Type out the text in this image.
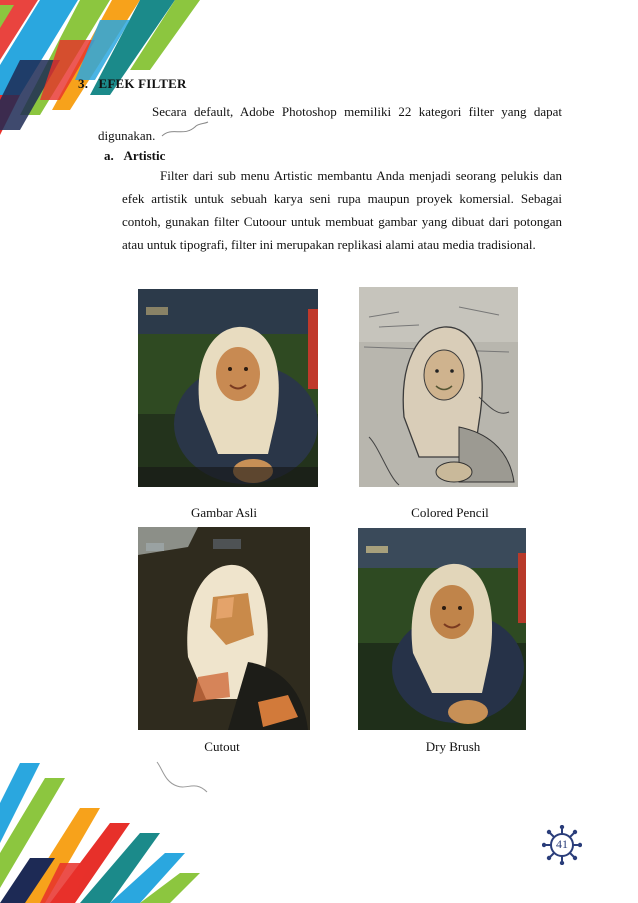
3.   EFEK FILTER
Secara default, Adobe Photoshop memiliki 22 kategori filter yang dapat digunakan.
a.   Artistic
Filter dari sub menu Artistic membantu Anda menjadi seorang pelukis dan efek artistik untuk sebuah karya seni rupa maupun proyek komersial. Sebagai contoh, gunakan filter Cutoour untuk membuat gambar yang dibuat dari potongan atau untuk tipografi, filter ini merupakan replikasi alami atau media tradisional.
Gambar Asli	Colored Pencil
Cutout	Dry Brush
41
